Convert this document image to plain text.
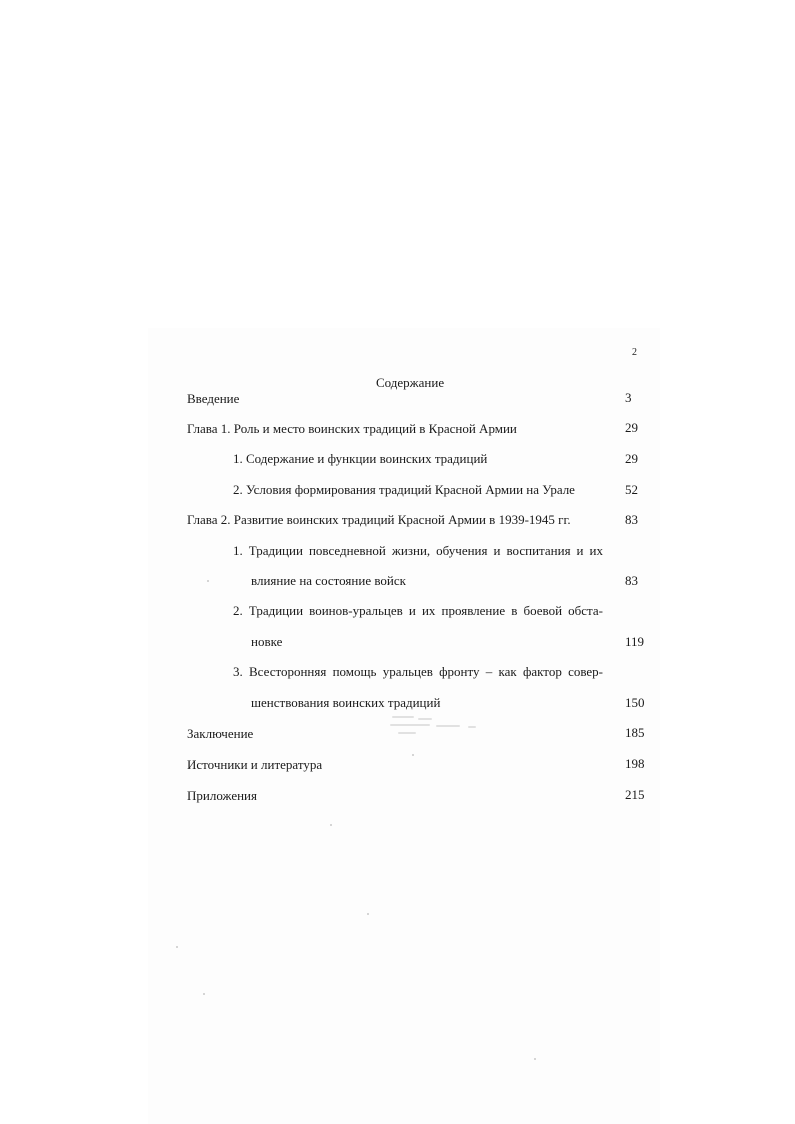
2
Содержание
Введение	3
Глава 1. Роль и место воинских традиций в Красной Армии	29
1. Содержание и функции воинских традиций	29
2. Условия формирования традиций Красной Армии на Урале	52
Глава 2. Развитие воинских традиций Красной Армии в 1939-1945 гг.	83
1. Традиции повседневной жизни, обучения и воспитания и их
влияние на состояние войск	83
2. Традиции воинов-уральцев и их проявление в боевой обста-
новке	119
3. Всесторонняя помощь уральцев фронту – как фактор совер-
шенствования воинских традиций	150
Заключение	185
Источники и литература	198
Приложения	215
